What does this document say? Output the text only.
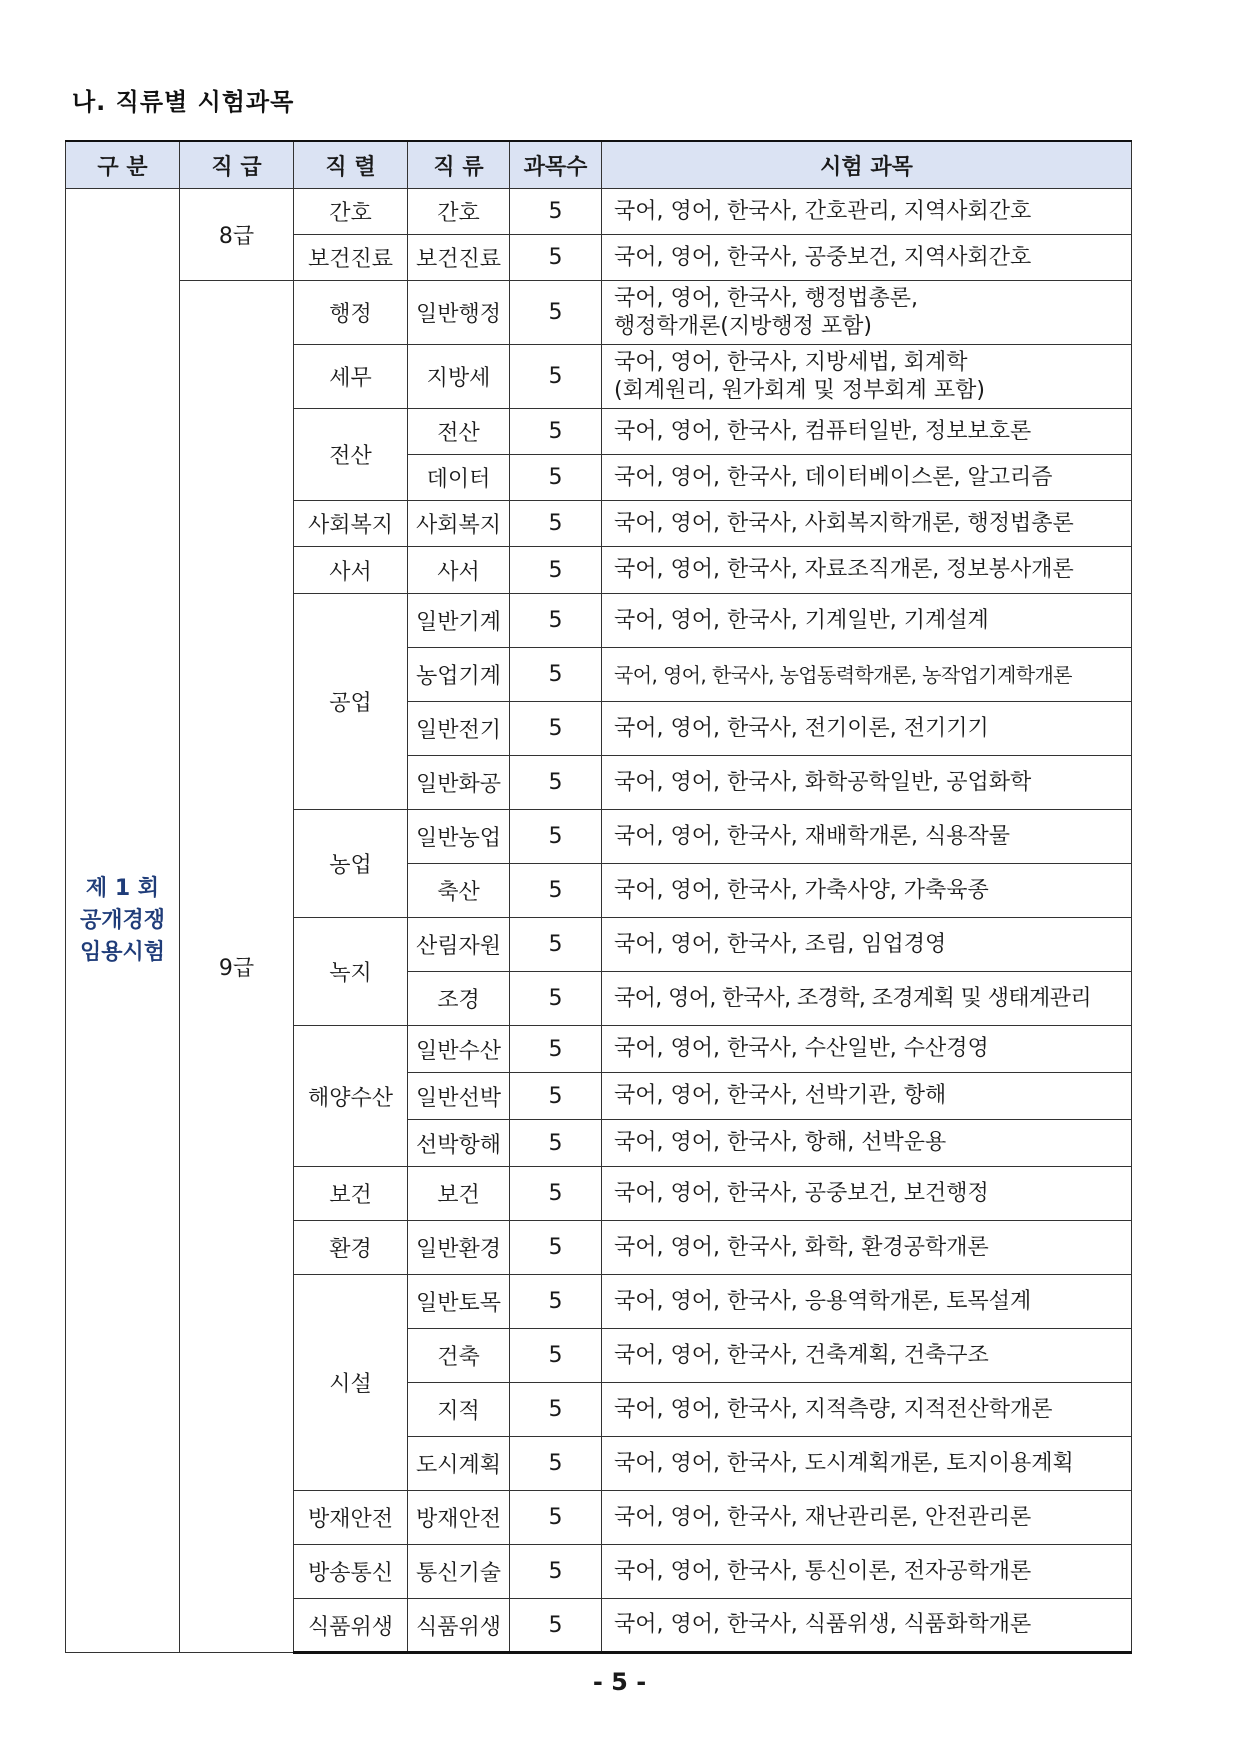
나. 직류별 시험과목
구 분	직 급	직 렬	직 류	과목수	시험 과목
제 1 회
공개경쟁
임용시험	8급	간호	간호	5	국어, 영어, 한국사, 간호관리, 지역사회간호
		보건진료	보건진료	5	국어, 영어, 한국사, 공중보건, 지역사회간호
	9급	행정	일반행정	5	국어, 영어, 한국사, 행정법총론,
행정학개론(지방행정 포함)
		세무	지방세	5	국어, 영어, 한국사, 지방세법, 회계학
(회계원리, 원가회계 및 정부회계 포함)
		전산	전산	5	국어, 영어, 한국사, 컴퓨터일반, 정보보호론
			데이터	5	국어, 영어, 한국사, 데이터베이스론, 알고리즘
		사회복지	사회복지	5	국어, 영어, 한국사, 사회복지학개론, 행정법총론
		사서	사서	5	국어, 영어, 한국사, 자료조직개론, 정보봉사개론
		공업	일반기계	5	국어, 영어, 한국사, 기계일반, 기계설계
			농업기계	5	국어, 영어, 한국사, 농업동력학개론, 농작업기계학개론
			일반전기	5	국어, 영어, 한국사, 전기이론, 전기기기
			일반화공	5	국어, 영어, 한국사, 화학공학일반, 공업화학
		농업	일반농업	5	국어, 영어, 한국사, 재배학개론, 식용작물
			축산	5	국어, 영어, 한국사, 가축사양, 가축육종
		녹지	산림자원	5	국어, 영어, 한국사, 조림, 임업경영
			조경	5	국어, 영어, 한국사, 조경학, 조경계획 및 생태계관리
		해양수산	일반수산	5	국어, 영어, 한국사, 수산일반, 수산경영
			일반선박	5	국어, 영어, 한국사, 선박기관, 항해
			선박항해	5	국어, 영어, 한국사, 항해, 선박운용
		보건	보건	5	국어, 영어, 한국사, 공중보건, 보건행정
		환경	일반환경	5	국어, 영어, 한국사, 화학, 환경공학개론
		시설	일반토목	5	국어, 영어, 한국사, 응용역학개론, 토목설계
			건축	5	국어, 영어, 한국사, 건축계획, 건축구조
			지적	5	국어, 영어, 한국사, 지적측량, 지적전산학개론
			도시계획	5	국어, 영어, 한국사, 도시계획개론, 토지이용계획
		방재안전	방재안전	5	국어, 영어, 한국사, 재난관리론, 안전관리론
		방송통신	통신기술	5	국어, 영어, 한국사, 통신이론, 전자공학개론
		식품위생	식품위생	5	국어, 영어, 한국사, 식품위생, 식품화학개론
- 5 -
